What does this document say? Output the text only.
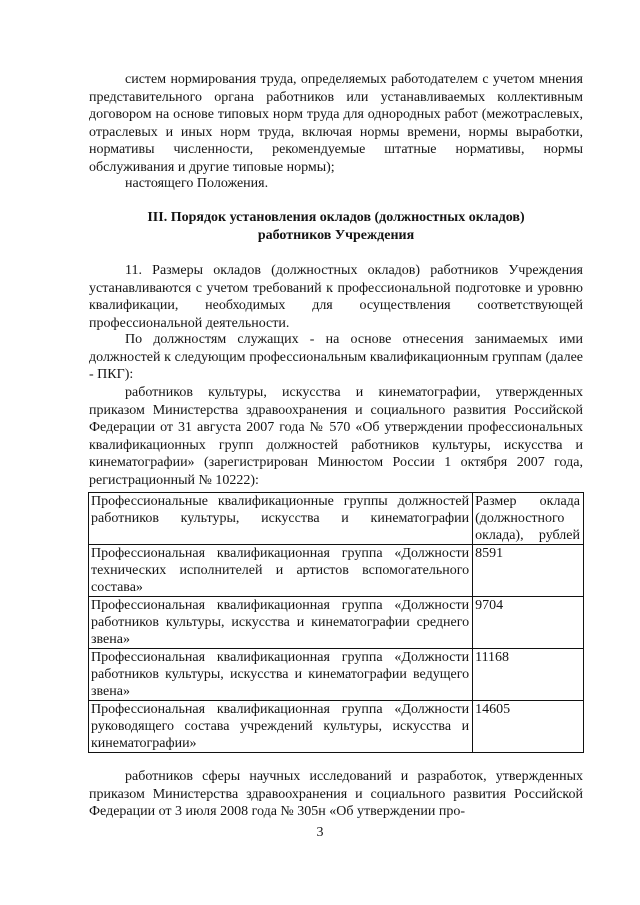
систем нормирования труда, определяемых работодателем с учетом мнения представительного органа работников или устанавливаемых коллективным договором на основе типовых норм труда для однородных работ (межотраслевых, отраслевых и иных норм труда, включая нормы времени, нормы выработки, нормативы численности, рекомендуемые штатные нормативы, нормы обслуживания и другие типовые нормы);
настоящего Положения.
III. Порядок установления окладов (должностных окладов)
работников Учреждения
11. Размеры окладов (должностных окладов) работников Учреждения устанавливаются с учетом требований к профессиональной подготовке и уровню квалификации, необходимых для осуществления соответствующей профессиональной деятельности.
По должностям служащих - на основе отнесения занимаемых ими должностей к следующим профессиональным квалификационным группам (далее - ПКГ):
работников культуры, искусства и кинематографии, утвержденных приказом Министерства здравоохранения и социального развития Российской Федерации от 31 августа 2007 года № 570 «Об утверждении профессиональных квалификационных групп должностей работников культуры, искусства и кинематографии» (зарегистрирован Минюстом России 1 октября 2007 года, регистрационный № 10222):
Профессиональные квалификационные группы должностей работников культуры, искусства и кинематографии	Размер оклада (должностного оклада), рублей
Профессиональная квалификационная группа «Должности технических исполнителей и артистов вспомогательного состава»	8591
Профессиональная квалификационная группа «Должности работников культуры, искусства и кинематографии среднего звена»	9704
Профессиональная квалификационная группа «Должности работников культуры, искусства и кинематографии ведущего звена»	11168
Профессиональная квалификационная группа «Должности руководящего состава учреждений культуры, искусства и кинематографии»	14605
работников сферы научных исследований и разработок, утвержденных приказом Министерства здравоохранения и социального развития Российской Федерации от 3 июля 2008 года № 305н «Об утверждении про-
3
